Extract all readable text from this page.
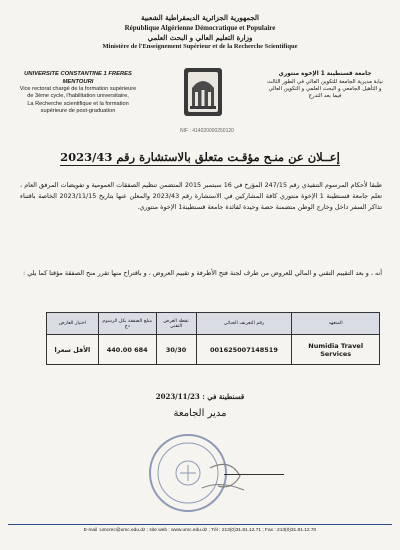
الجمهورية الجزائرية الديمقراطية الشعبية
République Algérienne Démocratique et Populaire
وزارة التعليم العالي و البحث العلمي
Ministère de l'Enseignement Supérieur et de la Recherche Scientifique
UNIVERSITE CONSTANTINE 1 FRERES MENTOURI
Vice rectorat chargé de la formation supérieure
de 3ème cycle, l'habilitation universitaire,
La Recherche scientifique et la formation
supérieure de post-graduation
جامعة قسنطينة 1 الإخوة منتوري
نيابة مديرية الجامعة للتكوين العالي في الطور الثالث
و التأهيل الجامعي و البحث العلمي و التكوين العالي
فيما بعد التدرج
NIF : 414020000250120
إعــلان عن منـح مؤقـت متعلق بالاستشارة رقم 2023/43
طبقا لأحكام المرسوم التنفيذي رقم 247/15 المؤرخ في 16 سبتمبر 2015 المتضمن تنظيم الصفقات العمومية و تفويضات المرفق العام ، تعلم جامعة قسنطينة 1 الإخوة منتوري كافة المشاركين في الاستشارة رقم 2023/43 والمعلن عنها بتاريخ 2023/11/15 الخاصة باقتناء تذاكر السفر داخل وخارج الوطن متضمنة حصة وحيدة لفائدة جامعة قسنطينة1 الإخوة منتوري.
أنه ، و بعد التقييم التقني و المالي للعروض من طرف لجنة فتح الأظرفة و تقييم العروض ، و باقتراح منها تقرر منح الصفقة مؤقتا كما يلي :
المتعهد	رقم التعريف الجبائي	نقطة العرض التقني	مبلغ الصفقة بكل الرسوم دج	اختيار العارض
Numidia Travel Services	001625007148519	30/30	684 440.00	الأقل سعرا
قسنطينة في : 2023/11/23
مدير الجامعة
E-mail :umcrec@umc.edu.dz ; site web : www.umc.edu.dz ; Tél : 213(0)31.81.12.71 ; Fax : 213(0)31.81.12.70
